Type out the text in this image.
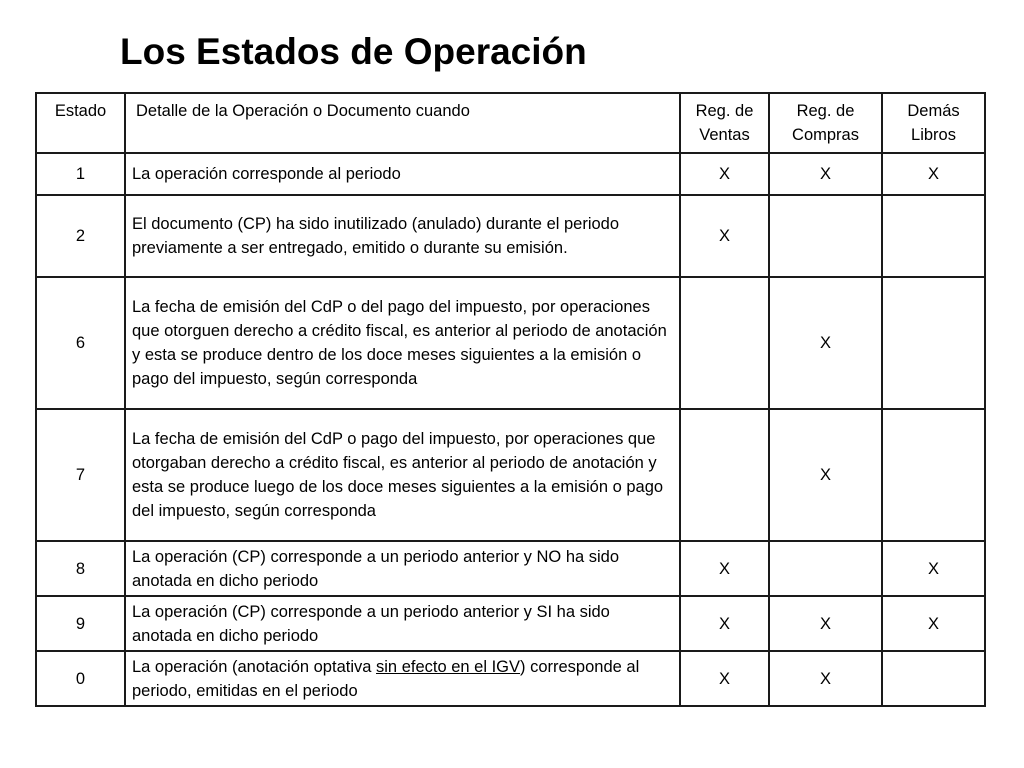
Los Estados de Operación
Estado	Detalle de la Operación o Documento cuando	Reg. de Ventas	Reg. de Compras	Demás Libros
1	La operación corresponde al periodo	X	X	X
2	El documento (CP) ha sido inutilizado (anulado) durante el periodo previamente a ser entregado, emitido o durante su emisión.	X		
6	La fecha de emisión del CdP o del pago del impuesto, por operaciones que otorguen derecho a crédito fiscal, es anterior al periodo de anotación y esta se produce dentro de los doce meses siguientes a la emisión o pago del impuesto, según corresponda		X	
7	La fecha de emisión del CdP o pago del impuesto, por operaciones que otorgaban derecho a crédito fiscal, es anterior al periodo de anotación y esta se produce luego de los doce meses siguientes a la emisión o pago del impuesto, según corresponda		X	
8	La operación (CP) corresponde a un periodo anterior y NO ha sido anotada en dicho periodo	X		X
9	La operación (CP) corresponde a un periodo anterior y SI ha sido anotada en dicho periodo	X	X	X
0	La operación (anotación optativa sin efecto en el IGV) corresponde al periodo, emitidas en el periodo	X	X	
